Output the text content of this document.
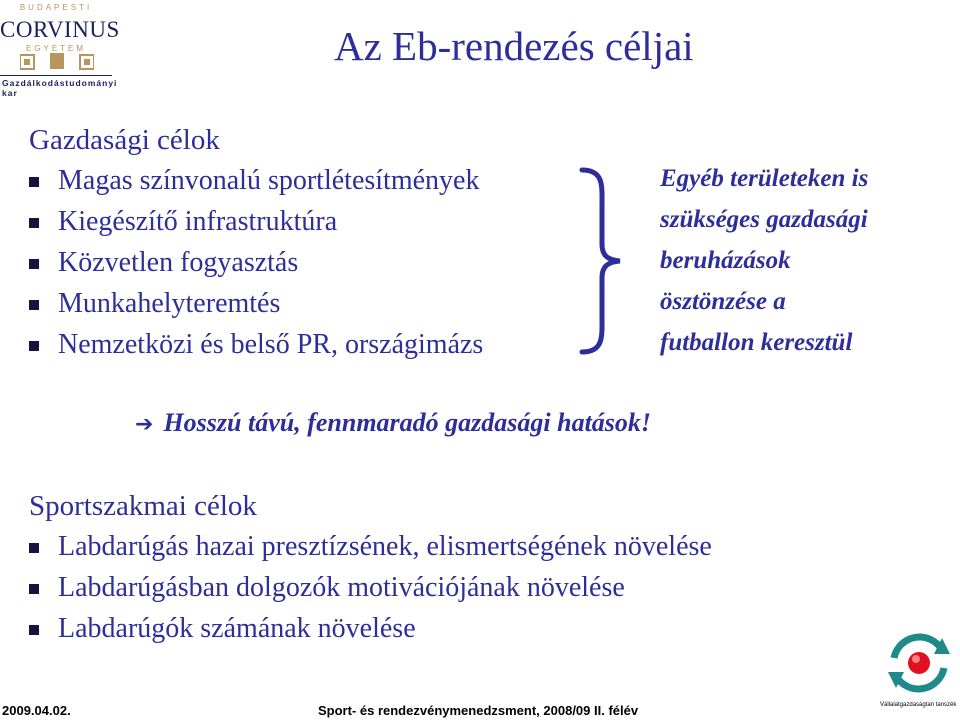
BUDAPESTI
CORVINUS
EGYETEM
Gazdálkodástudományi kar
Az Eb-rendezés céljai
Gazdasági célok
Magas színvonalú sportlétesítmények
Kiegészítő infrastruktúra
Közvetlen fogyasztás
Munkahelyteremtés
Nemzetközi és belső PR, országimázs
Egyéb területeken is
szükséges gazdasági
beruházások
ösztönzése a
futballon keresztül
➔ Hosszú távú, fennmaradó gazdasági hatások!
Sportszakmai célok
Labdarúgás hazai presztízsének, elismertségének növelése
Labdarúgásban dolgozók motivációjának növelése
Labdarúgók számának növelése
2009.04.02.	Sport- és rendezvénymenedzsment, 2008/09 II. félév	Vállalatgazdaságtan tanszék
